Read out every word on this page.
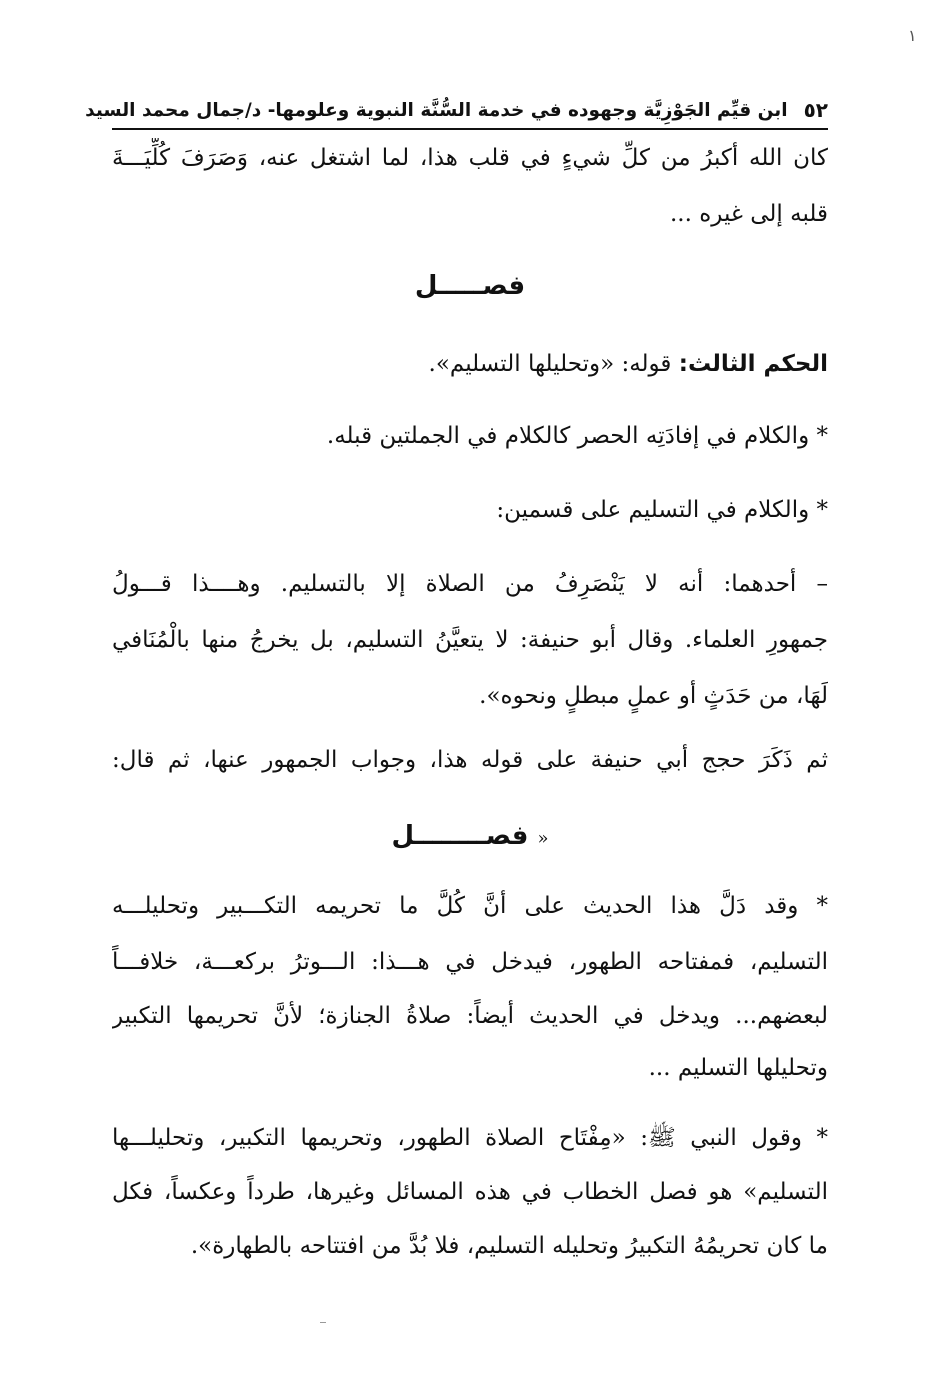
١
٥٢
ابن قيِّم الجَوْزِيَّة وجهوده في خدمة السُّنَّة النبوية وعلومها- د/جمال محمد السيد
كان الله أكبرُ من كلِّ شيءٍ في قلب هذا، لما اشتغل عنه، وَصَرَفَ كُلِّيَـــةَ
قلبه إلى غيره ...
فصـــــل
الحكم الثالث: قوله: «وتحليلها التسليم».
* والكلام في إفادَتِه الحصر كالكلام في الجملتين قبله.
* والكلام في التسليم على قسمين:
– أحدهما: أنه لا يَنْصَرِفُ من الصلاة إلا بالتسليم. وهــــذا قـــولُ
جمهورِ العلماء. وقال أبو حنيفة: لا يتعيَّنُ التسليم، بل يخرجُ منها بالْمُنَافي
لَهَا، من حَدَثٍ أو عملٍ مبطلٍ ونحوه».
ثم ذَكَرَ حجج أبي حنيفة على قوله هذا، وجواب الجمهور عنها، ثم قال:
« فصــــــــل
* وقد دَلَّ هذا الحديث على أنَّ كُلَّ ما تحريمه التكـــبير وتحليلـــه
التسليم، فمفتاحه الطهور، فيدخل في هـــذا: الـــوترُ بركعـــة، خلافـــاً
لبعضهم... ويدخل في الحديث أيضاً: صلاةُ الجنازة؛ لأنَّ تحريمها التكبير
وتحليلها التسليم ...
* وقول النبي ﷺ: «مِفْتَاح الصلاة الطهور، وتحريمها التكبير، وتحليلـــها
التسليم» هو فصل الخطاب في هذه المسائل وغيرها، طرداً وعكساً، فكل
ما كان تحريمُهُ التكبيرُ وتحليله التسليم، فلا بُدَّ من افتتاحه بالطهارة».
